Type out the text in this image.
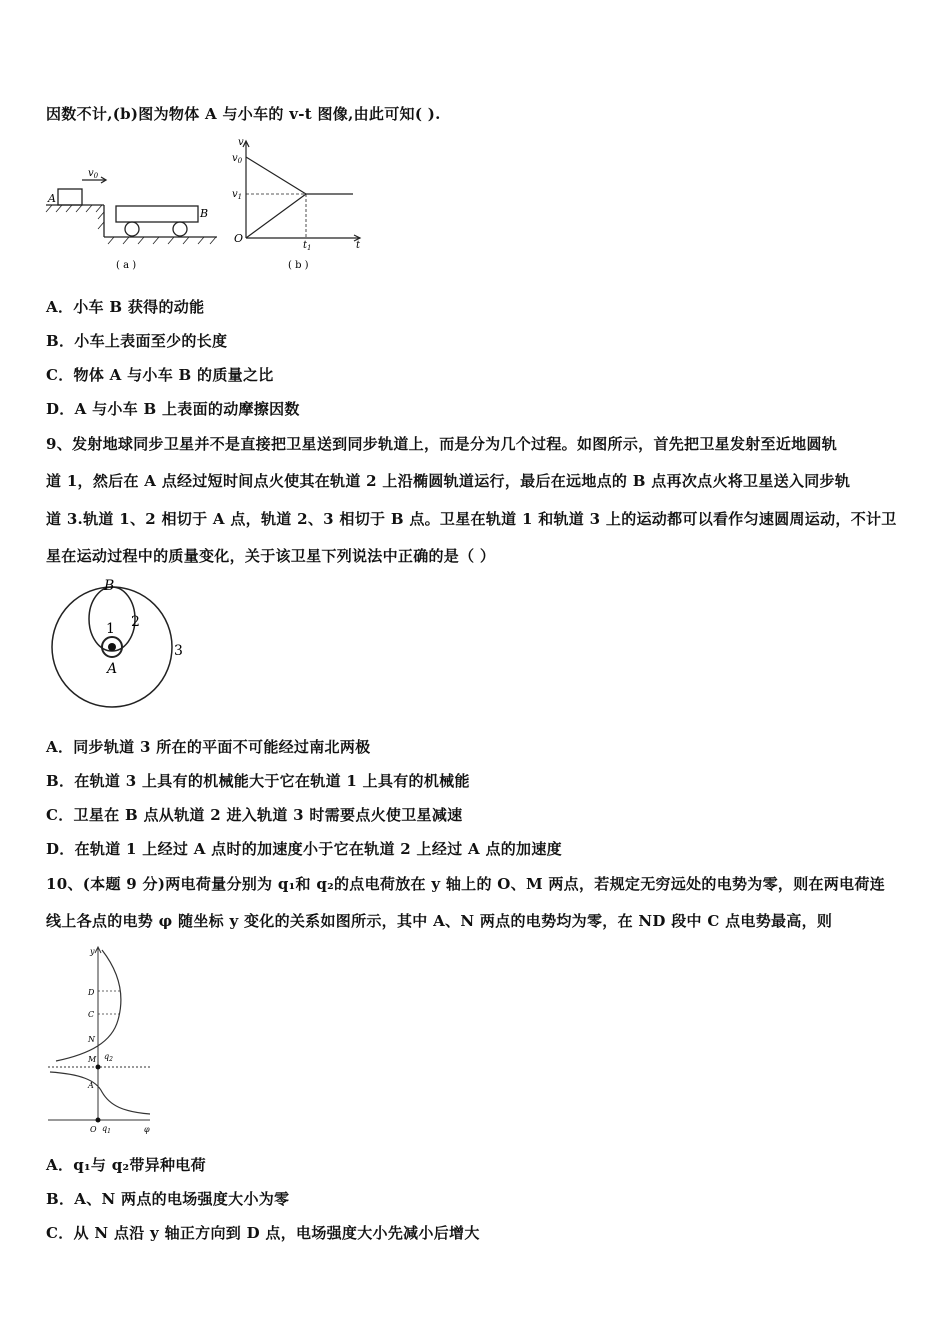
因数不计,(b)图为物体 A 与小车的 v-t 图像,由此可知( ).
A
B
$v_0$
( a )
v
t
O
$v_0$
$v_1$
$t_1$
( b )
A．小车 B 获得的动能
B．小车上表面至少的长度
C．物体 A 与小车 B 的质量之比
D．A 与小车 B 上表面的动摩擦因数
9、发射地球同步卫星并不是直接把卫星送到同步轨道上，而是分为几个过程。如图所示，首先把卫星发射至近地圆轨
道 1，然后在 A 点经过短时间点火使其在轨道 2 上沿椭圆轨道运行，最后在远地点的 B 点再次点火将卫星送入同步轨
道 3.轨道 1、2 相切于 A 点，轨道 2、3 相切于 B 点。卫星在轨道 1 和轨道 3 上的运动都可以看作匀速圆周运动，不计卫
星在运动过程中的质量变化，关于该卫星下列说法中正确的是（ ）
B
A
1 2
3
A．同步轨道 3 所在的平面不可能经过南北两极
B．在轨道 3 上具有的机械能大于它在轨道 1 上具有的机械能
C．卫星在 B 点从轨道 2 进入轨道 3 时需要点火使卫星减速
D．在轨道 1 上经过 A 点时的加速度小于它在轨道 2 上经过 A 点的加速度
10、(本题 9 分)两电荷量分别为 q₁和 q₂的点电荷放在 y 轴上的 O、M 两点，若规定无穷远处的电势为零，则在两电荷连
线上各点的电势 φ 随坐标 y 变化的关系如图所示，其中 A、N 两点的电势均为零，在 ND 段中 C 点电势最高，则
y
D
C
N
M $q_2$
A
O $q_1$	φ
A．q₁与 q₂带异种电荷
B．A、N 两点的电场强度大小为零
C．从 N 点沿 y 轴正方向到 D 点，电场强度大小先减小后增大
